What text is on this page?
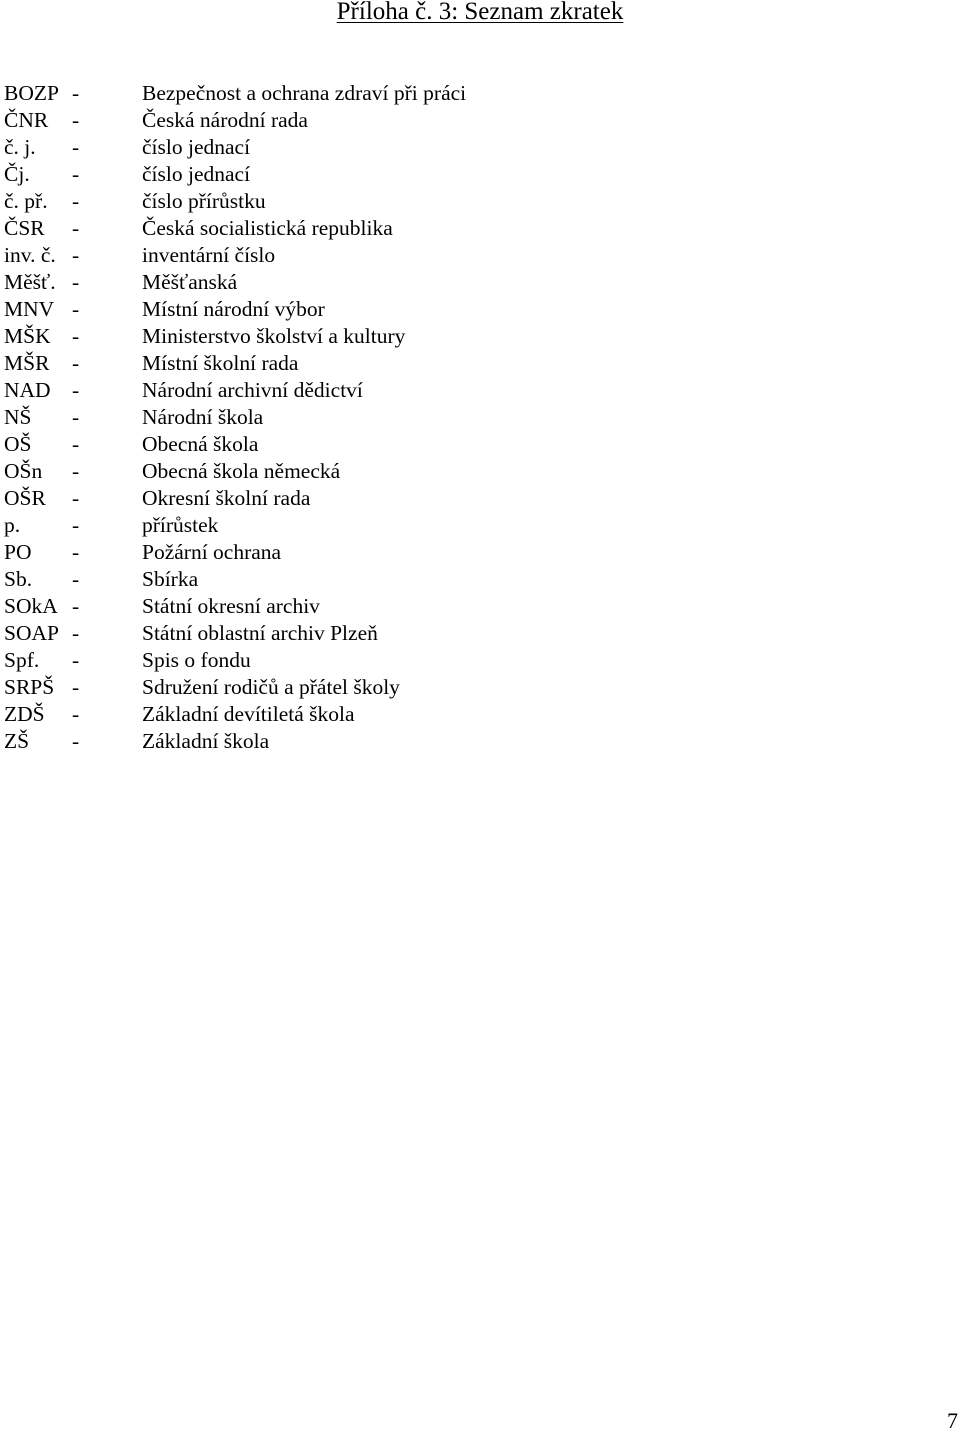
Příloha č. 3: Seznam zkratek
BOZP -	Bezpečnost a ochrana zdraví při práci
ČNR -	Česká národní rada
č. j. -	číslo jednací
Čj. -	číslo jednací
č. př. -	číslo přírůstku
ČSR -	Česká socialistická republika
inv. č. -	inventární číslo
Měšť. -	Měšťanská
MNV -	Místní národní výbor
MŠK -	Ministerstvo školství a kultury
MŠR -	Místní školní rada
NAD -	Národní archivní dědictví
NŠ -	Národní škola
OŠ -	Obecná škola
OŠn -	Obecná škola německá
OŠR -	Okresní školní rada
p. -	přírůstek
PO -	Požární ochrana
Sb. -	Sbírka
SOkA -	Státní okresní archiv
SOAP -	Státní oblastní archiv Plzeň
Spf. -	Spis o fondu
SRPŠ -	Sdružení rodičů a přátel školy
ZDŠ -	Základní devítiletá škola
ZŠ -	Základní škola
7
